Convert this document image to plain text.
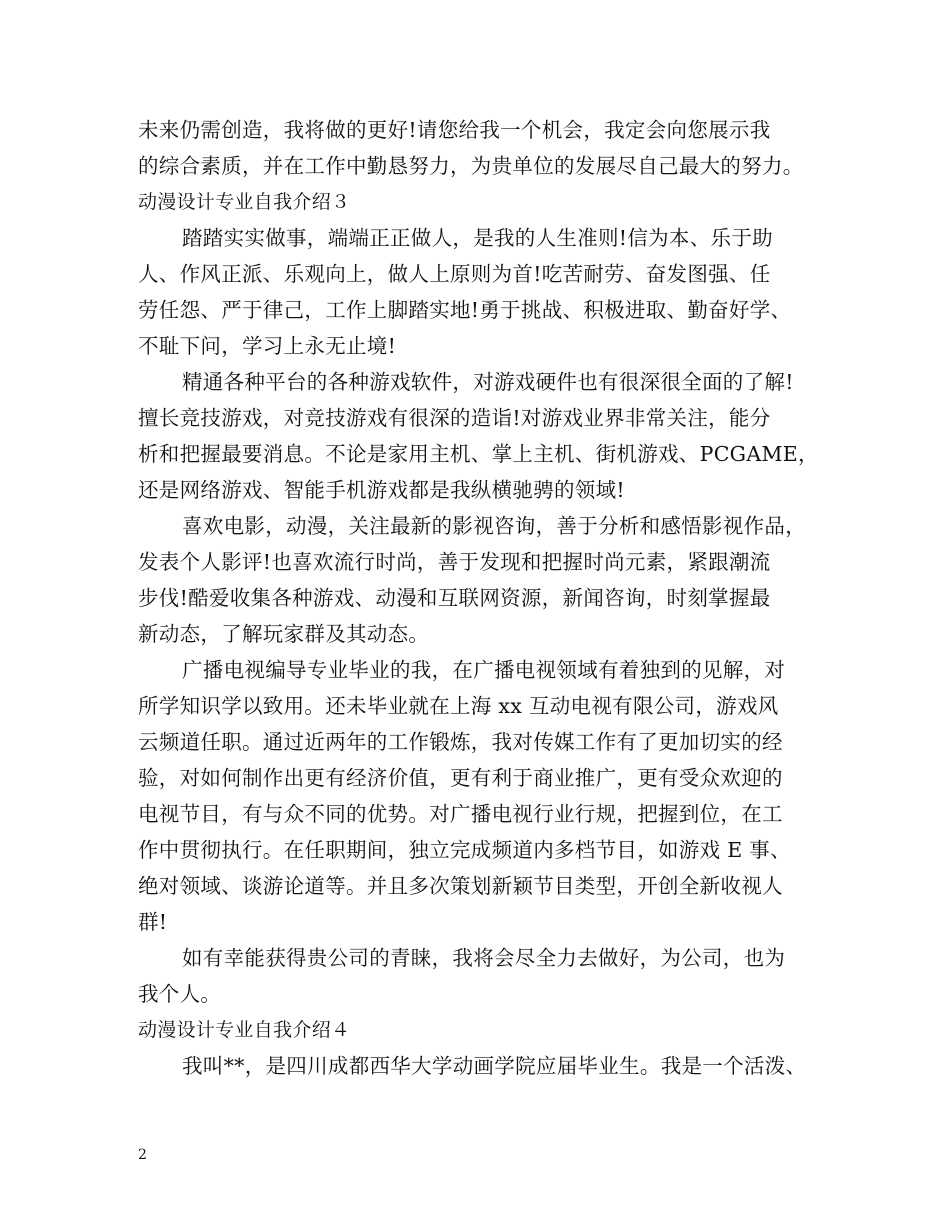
未来仍需创造，我将做的更好!请您给我一个机会，我定会向您展示我
的综合素质，并在工作中勤恳努力，为贵单位的发展尽自己最大的努力。
动漫设计专业自我介绍３
踏踏实实做事，端端正正做人，是我的人生准则!信为本、乐于助
人、作风正派、乐观向上，做人上原则为首!吃苦耐劳、奋发图强、任
劳任怨、严于律己，工作上脚踏实地!勇于挑战、积极进取、勤奋好学、
不耻下问，学习上永无止境!
精通各种平台的各种游戏软件，对游戏硬件也有很深很全面的了解!
擅长竞技游戏，对竞技游戏有很深的造诣!对游戏业界非常关注，能分
析和把握最要消息。不论是家用主机、掌上主机、街机游戏、PCGAME，
还是网络游戏、智能手机游戏都是我纵横驰骋的领域!
喜欢电影，动漫，关注最新的影视咨询，善于分析和感悟影视作品，
发表个人影评!也喜欢流行时尚，善于发现和把握时尚元素，紧跟潮流
步伐!酷爱收集各种游戏、动漫和互联网资源，新闻咨询，时刻掌握最
新动态，了解玩家群及其动态。
广播电视编导专业毕业的我，在广播电视领域有着独到的见解，对
所学知识学以致用。还未毕业就在上海 xx 互动电视有限公司，游戏风
云频道任职。通过近两年的工作锻炼，我对传媒工作有了更加切实的经
验，对如何制作出更有经济价值，更有利于商业推广，更有受众欢迎的
电视节目，有与众不同的优势。对广播电视行业行规，把握到位，在工
作中贯彻执行。在任职期间，独立完成频道内多档节目，如游戏 E 事、
绝对领域、谈游论道等。并且多次策划新颖节目类型，开创全新收视人
群!
如有幸能获得贵公司的青睐，我将会尽全力去做好，为公司，也为
我个人。
动漫设计专业自我介绍４
我叫**，是四川成都西华大学动画学院应届毕业生。我是一个活泼、
2
